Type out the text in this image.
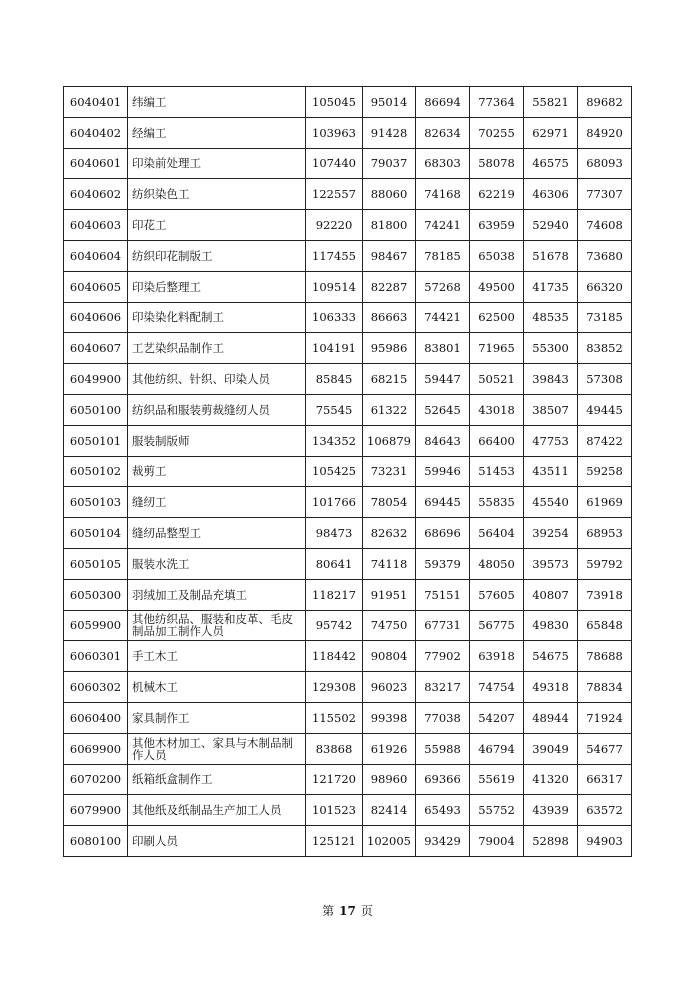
6040401	纬编工	105045	95014	86694	77364	55821	89682
6040402	经编工	103963	91428	82634	70255	62971	84920
6040601	印染前处理工	107440	79037	68303	58078	46575	68093
6040602	纺织染色工	122557	88060	74168	62219	46306	77307
6040603	印花工	92220	81800	74241	63959	52940	74608
6040604	纺织印花制版工	117455	98467	78185	65038	51678	73680
6040605	印染后整理工	109514	82287	57268	49500	41735	66320
6040606	印染染化料配制工	106333	86663	74421	62500	48535	73185
6040607	工艺染织品制作工	104191	95986	83801	71965	55300	83852
6049900	其他纺织、针织、印染人员	85845	68215	59447	50521	39843	57308
6050100	纺织品和服装剪裁缝纫人员	75545	61322	52645	43018	38507	49445
6050101	服装制版师	134352	106879	84643	66400	47753	87422
6050102	裁剪工	105425	73231	59946	51453	43511	59258
6050103	缝纫工	101766	78054	69445	55835	45540	61969
6050104	缝纫品整型工	98473	82632	68696	56404	39254	68953
6050105	服装水洗工	80641	74118	59379	48050	39573	59792
6050300	羽绒加工及制品充填工	118217	91951	75151	57605	40807	73918
6059900	其他纺织品、服装和皮革、毛皮制品加工制作人员	95742	74750	67731	56775	49830	65848
6060301	手工木工	118442	90804	77902	63918	54675	78688
6060302	机械木工	129308	96023	83217	74754	49318	78834
6060400	家具制作工	115502	99398	77038	54207	48944	71924
6069900	其他木材加工、家具与木制品制作人员	83868	61926	55988	46794	39049	54677
6070200	纸箱纸盒制作工	121720	98960	69366	55619	41320	66317
6079900	其他纸及纸制品生产加工人员	101523	82414	65493	55752	43939	63572
6080100	印刷人员	125121	102005	93429	79004	52898	94903
第 17 页
